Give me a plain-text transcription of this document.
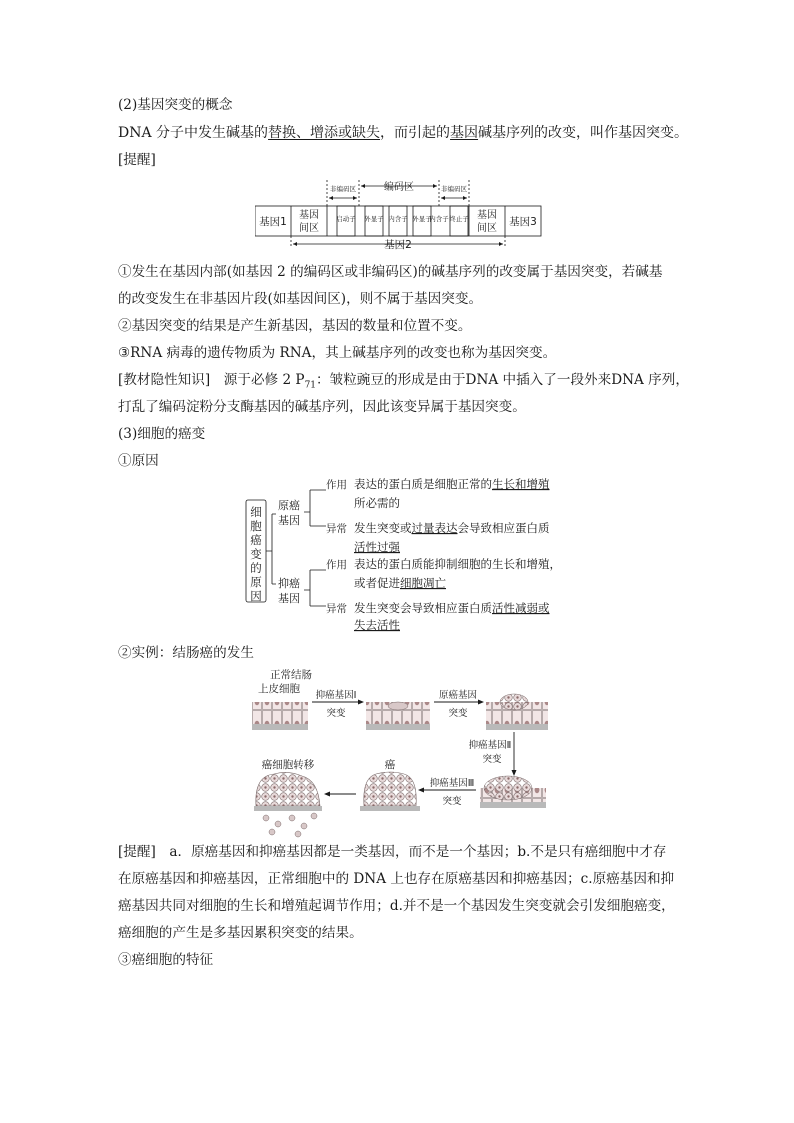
(2)基因突变的概念
DNA 分子中发生碱基的替换、增添或缺失，而引起的基因碱基序列的改变，叫作基因突变。
[提醒]
基因1
基因
间区
基因
间区
基因3
非编码区	编码区	非编码区
启动子 外显子 内含子 外显子
内含子 终止子
基因2
①发生在基因内部(如基因 2 的编码区或非编码区)的碱基序列的改变属于基因突变，若碱基
的改变发生在非基因片段(如基因间区)，则不属于基因突变。
②基因突变的结果是产生新基因，基因的数量和位置不变。
③RNA 病毒的遗传物质为 RNA，其上碱基序列的改变也称为基因突变。
[教材隐性知识]　 源于必修 2 $P_{71}$：皱粒豌豆的形成是由于DNA 中插入了一段外来DNA 序列，
打乱了编码淀粉分支酶基因的碱基序列，因此该变异属于基因突变。
(3)细胞的癌变
①原因
细
胞
癌
变
的
原
因
原癌
基因
抑癌
基因
作用
异常
作用
异常
表达的蛋白质是细胞正常的生长和增殖
所必需的
发生突变或过量表达会导致相应蛋白质
活性过强
表达的蛋白质能抑制细胞的生长和增殖，
或者促进细胞凋亡
发生突变会导致相应蛋白质活性减弱或
失去活性
②实例：结肠癌的发生
正常结肠
上皮细胞
抑癌基因Ⅰ
突变
原癌基因
突变
抑癌基因Ⅱ
突变
抑癌基因Ⅲ
突变
癌
癌细胞转移
[提醒]　 a．原癌基因和抑癌基因都是一类基因，而不是一个基因；b.不是只有癌细胞中才存
在原癌基因和抑癌基因，正常细胞中的 DNA 上也存在原癌基因和抑癌基因；c.原癌基因和抑
癌基因共同对细胞的生长和增殖起调节作用；d.并不是一个基因发生突变就会引发细胞癌变，
癌细胞的产生是多基因累积突变的结果。
③癌细胞的特征
